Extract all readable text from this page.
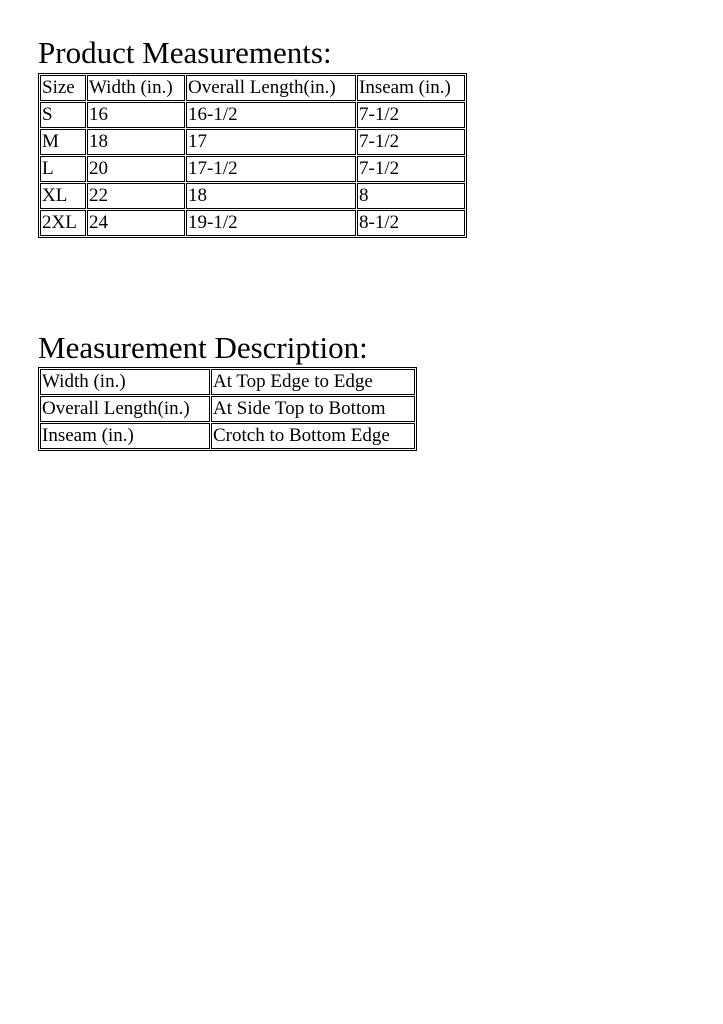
Product Measurements:
Size	Width (in.)	Overall Length(in.)	Inseam (in.)
S	16	16-1/2	7-1/2
M	18	17	7-1/2
L	20	17-1/2	7-1/2
XL	22	18	8
2XL	24	19-1/2	8-1/2
Measurement Description:
Width (in.)	At Top Edge to Edge
Overall Length(in.)	At Side Top to Bottom
Inseam (in.)	Crotch to Bottom Edge
